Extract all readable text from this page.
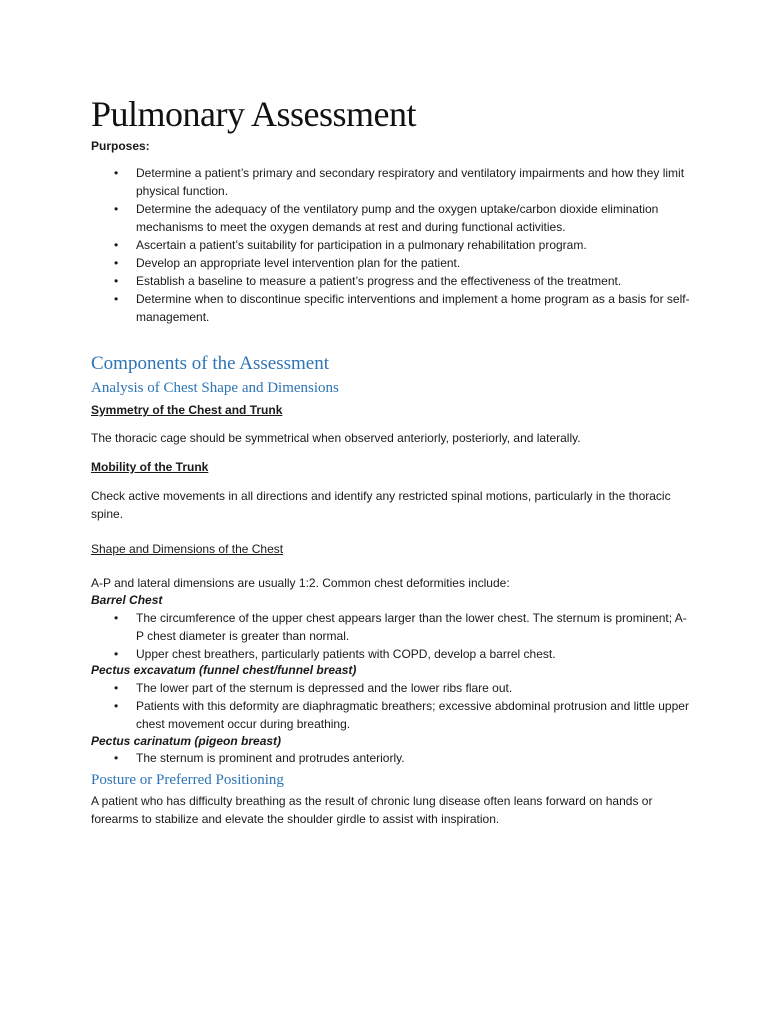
Pulmonary Assessment
Purposes:
• Determine a patient’s primary and secondary respiratory and ventilatory impairments and how they limit physical function.
• Determine the adequacy of the ventilatory pump and the oxygen uptake/carbon dioxide elimination mechanisms to meet the oxygen demands at rest and during functional activities.
• Ascertain a patient’s suitability for participation in a pulmonary rehabilitation program.
• Develop an appropriate level intervention plan for the patient.
• Establish a baseline to measure a patient’s progress and the effectiveness of the treatment.
• Determine when to discontinue specific interventions and implement a home program as a basis for self-management.
Components of the Assessment
Analysis of Chest Shape and Dimensions
Symmetry of the Chest and Trunk
The thoracic cage should be symmetrical when observed anteriorly, posteriorly, and laterally.
Mobility of the Trunk
Check active movements in all directions and identify any restricted spinal motions, particularly in the thoracic spine.
Shape and Dimensions of the Chest
A-P and lateral dimensions are usually 1:2. Common chest deformities include:
Barrel Chest
• The circumference of the upper chest appears larger than the lower chest. The sternum is prominent; A-P chest diameter is greater than normal.
• Upper chest breathers, particularly patients with COPD, develop a barrel chest.
Pectus excavatum (funnel chest/funnel breast)
• The lower part of the sternum is depressed and the lower ribs flare out.
• Patients with this deformity are diaphragmatic breathers; excessive abdominal protrusion and little upper chest movement occur during breathing.
Pectus carinatum (pigeon breast)
• The sternum is prominent and protrudes anteriorly.
Posture or Preferred Positioning
A patient who has difficulty breathing as the result of chronic lung disease often leans forward on hands or forearms to stabilize and elevate the shoulder girdle to assist with inspiration.
